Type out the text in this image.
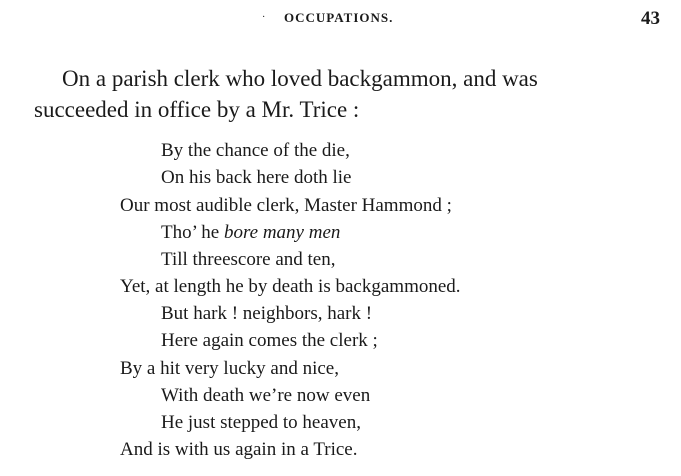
· OCCUPATIONS.	43

On a parish clerk who loved backgammon, and was
succeeded in office by a Mr. Trice :

By the chance of the die,
On his back here doth lie
Our most audible clerk, Master Hammond ;
Tho’ he bore many men
Till threescore and ten,
Yet, at length he by death is backgammoned.
But hark ! neighbors, hark !
Here again comes the clerk ;
By a hit very lucky and nice,
With death we’re now even
He just stepped to heaven,
And is with us again in a Trice.
